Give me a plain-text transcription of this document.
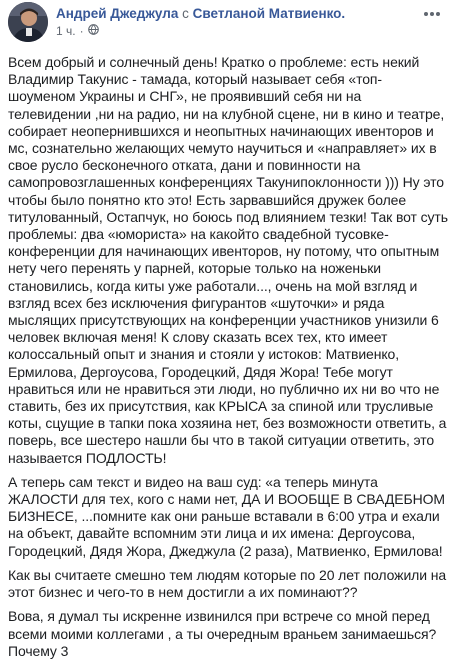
Андрей Джеджула с Светланой Матвиенко.
1 ч. ·

Всем добрый и солнечный день! Кратко о проблеме: есть некий Владимир Такунис - тамада, который называет себя «топ-шоуменом Украины и СНГ», не проявивший себя ни на телевидении ,ни на радио, ни на клубной сцене, ни в кино и театре, собирает неопернившихся и неопытных начинающих ивенторов и мс, сознательно желающих чемуто научиться и «направляет» их в свое русло бесконечного отката, дани и повинности на самопровозглашенных конференциях Такунипоклонности ))) Ну это чтобы было понятно кто это! Есть зарвавшийся дружек более титулованный, Остапчук, но боюсь под влиянием тезки! Так вот суть проблемы: два «юмориста» на какойто свадебной тусовке-конференции для начинающих ивенторов, ну потому, что опытным нету чего перенять у парней, которые только на ноженьки становились, когда киты уже работали..., очень на мой взгляд и взгляд всех без исключения фигурантов «шуточки» и ряда мыслящих присутствующих на конференции участников унизили 6 человек включая меня! К слову сказать всех тех, кто имеет колоссальный опыт и знания и стояли у истоков: Матвиенко, Ермилова, Дергоусова, Городецкий, Дядя Жора! Тебе могут нравиться или не нравиться эти люди, но публично их ни во что не ставить, без их присутствия, как КРЫСА за спиной или трусливые коты, сцущие в тапки пока хозяина нет, без возможности ответить, а поверь, все шестеро нашли бы что в такой ситуации ответить, это называется ПОДЛОСТЬ!

А теперь сам текст и видео на ваш суд: «а теперь минута ЖАЛОСТИ для тех, кого с нами нет, ДА И ВООБЩЕ В СВАДЕБНОМ БИЗНЕСЕ, ...помните как они раньше вставали в 6:00 утра и ехали на объект, давайте вспомним эти лица и их имена: Дергоусова, Городецкий, Дядя Жора, Джеджула (2 раза), Матвиенко, Ермилова!

Как вы считаете смешно тем людям которые по 20 лет положили на этот бизнес и чего-то в нем достигли а их поминают??

Вова, я думал ты искренне извинился при встрече со мной перед всеми моими коллегами , а ты очередным враньем занимаешься? Почему 3
